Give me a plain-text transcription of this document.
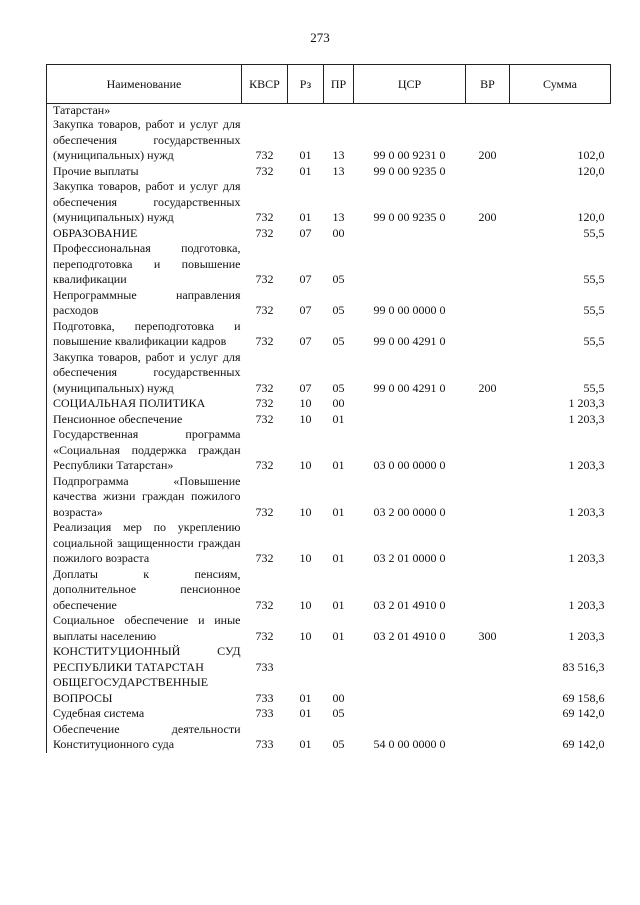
273
Наименование	КВСР	Рз	ПР	ЦСР	ВР	Сумма
Татарстан»						
Закупка товаров, работ и услуг для обеспечения государственных (муниципальных) нужд	732	01	13	99 0 00 9231 0	200	102,0
Прочие выплаты	732	01	13	99 0 00 9235 0		120,0
Закупка товаров, работ и услуг для обеспечения государственных (муниципальных) нужд	732	01	13	99 0 00 9235 0	200	120,0
ОБРАЗОВАНИЕ	732	07	00			55,5
Профессиональная подготовка, переподготовка и повышение квалификации	732	07	05			55,5
Непрограммные направления расходов	732	07	05	99 0 00 0000 0		55,5
Подготовка, переподготовка и повышение квалификации кадров	732	07	05	99 0 00 4291 0		55,5
Закупка товаров, работ и услуг для обеспечения государственных (муниципальных) нужд	732	07	05	99 0 00 4291 0	200	55,5
СОЦИАЛЬНАЯ ПОЛИТИКА	732	10	00			1 203,3
Пенсионное обеспечение	732	10	01			1 203,3
Государственная программа «Социальная поддержка граждан Республики Татарстан»	732	10	01	03 0 00 0000 0		1 203,3
Подпрограмма «Повышение качества жизни граждан пожилого возраста»	732	10	01	03 2 00 0000 0		1 203,3
Реализация мер по укреплению социальной защищенности граждан пожилого возраста	732	10	01	03 2 01 0000 0		1 203,3
Доплаты к пенсиям, дополнительное пенсионное обеспечение	732	10	01	03 2 01 4910 0		1 203,3
Социальное обеспечение и иные выплаты населению	732	10	01	03 2 01 4910 0	300	1 203,3
КОНСТИТУЦИОННЫЙ СУД РЕСПУБЛИКИ ТАТАРСТАН	733					83 516,3
ОБЩЕГОСУДАРСТВЕННЫЕ ВОПРОСЫ	733	01	00			69 158,6
Судебная система	733	01	05			69 142,0
Обеспечение деятельности Конституционного суда	733	01	05	54 0 00 0000 0		69 142,0
